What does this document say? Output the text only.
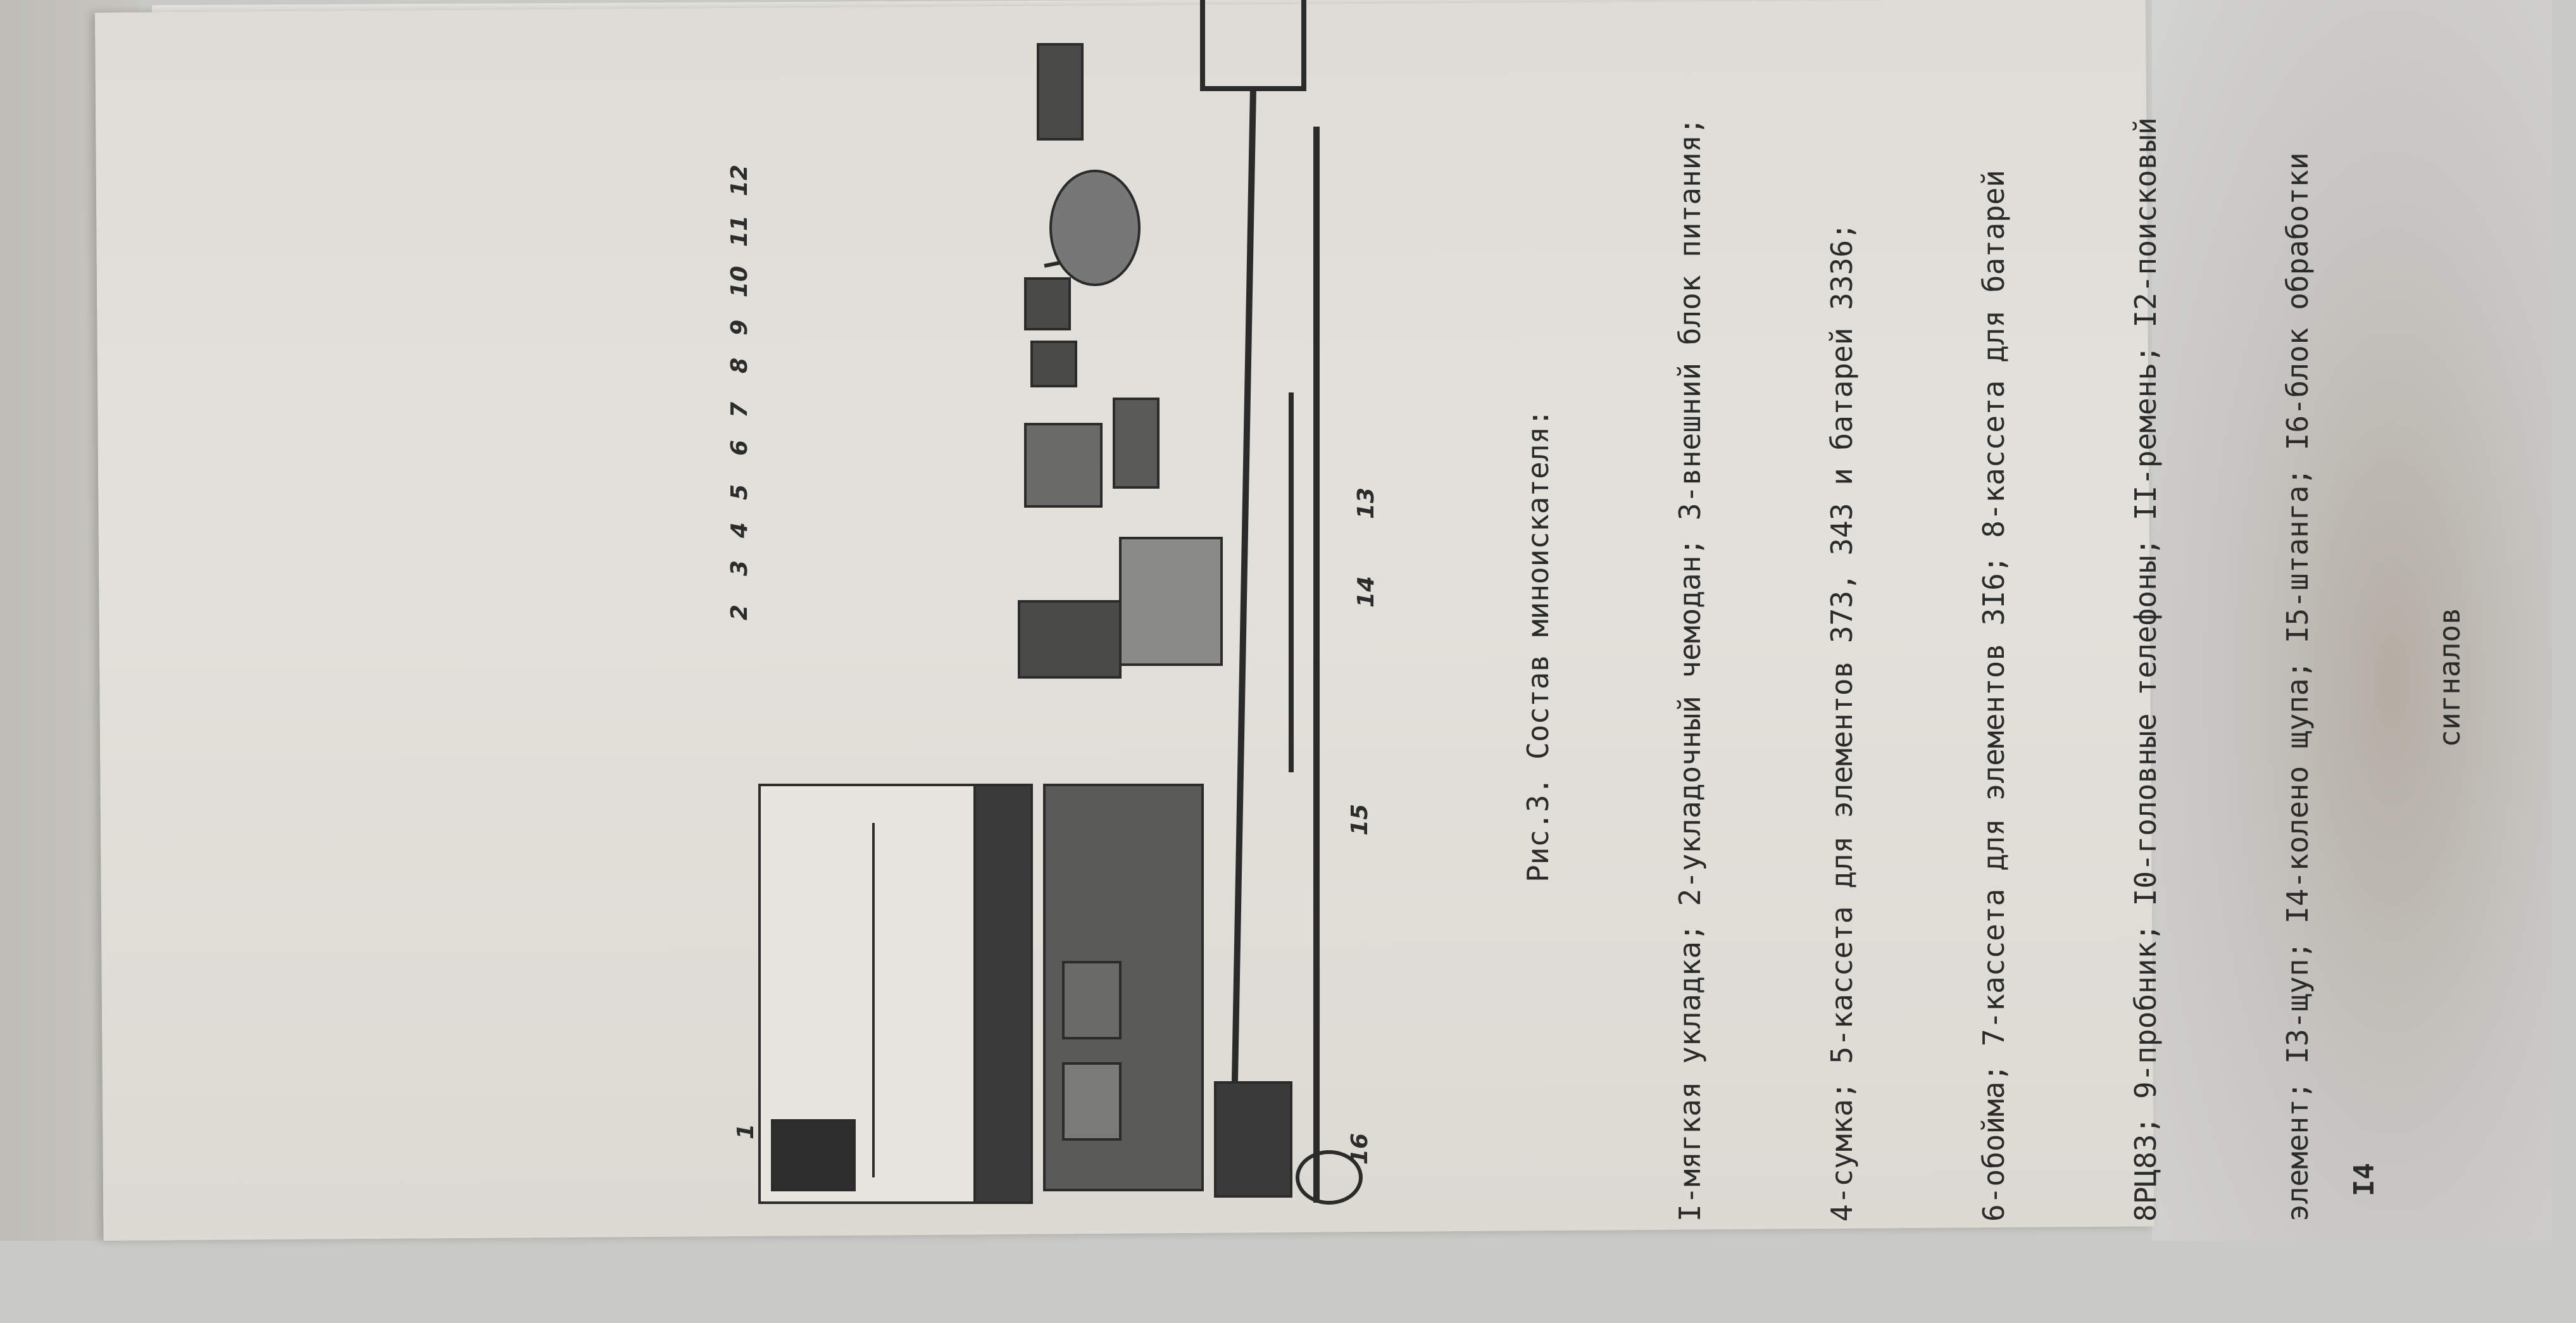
1
2
3
4
5
6
7
8
9
10
11
12
13
14
15
16
Рис.3. Состав миноискателя:

	I-мягкая укладка; 2-укладочный чемодан; 3-внешний блок питания;

	4-сумка; 5-кассета для элементов 373, 343 и батарей 3336;

	6-обойма; 7-кассета для элементов 3I6; 8-кассета для батарей

	8РЦ83; 9-пробник; I0-головные телефоны; II-ремень; I2-поисковый

	элемент; I3-щуп; I4-колено щупа; I5-штанга; I6-блок обработки

	сигналов

I4
